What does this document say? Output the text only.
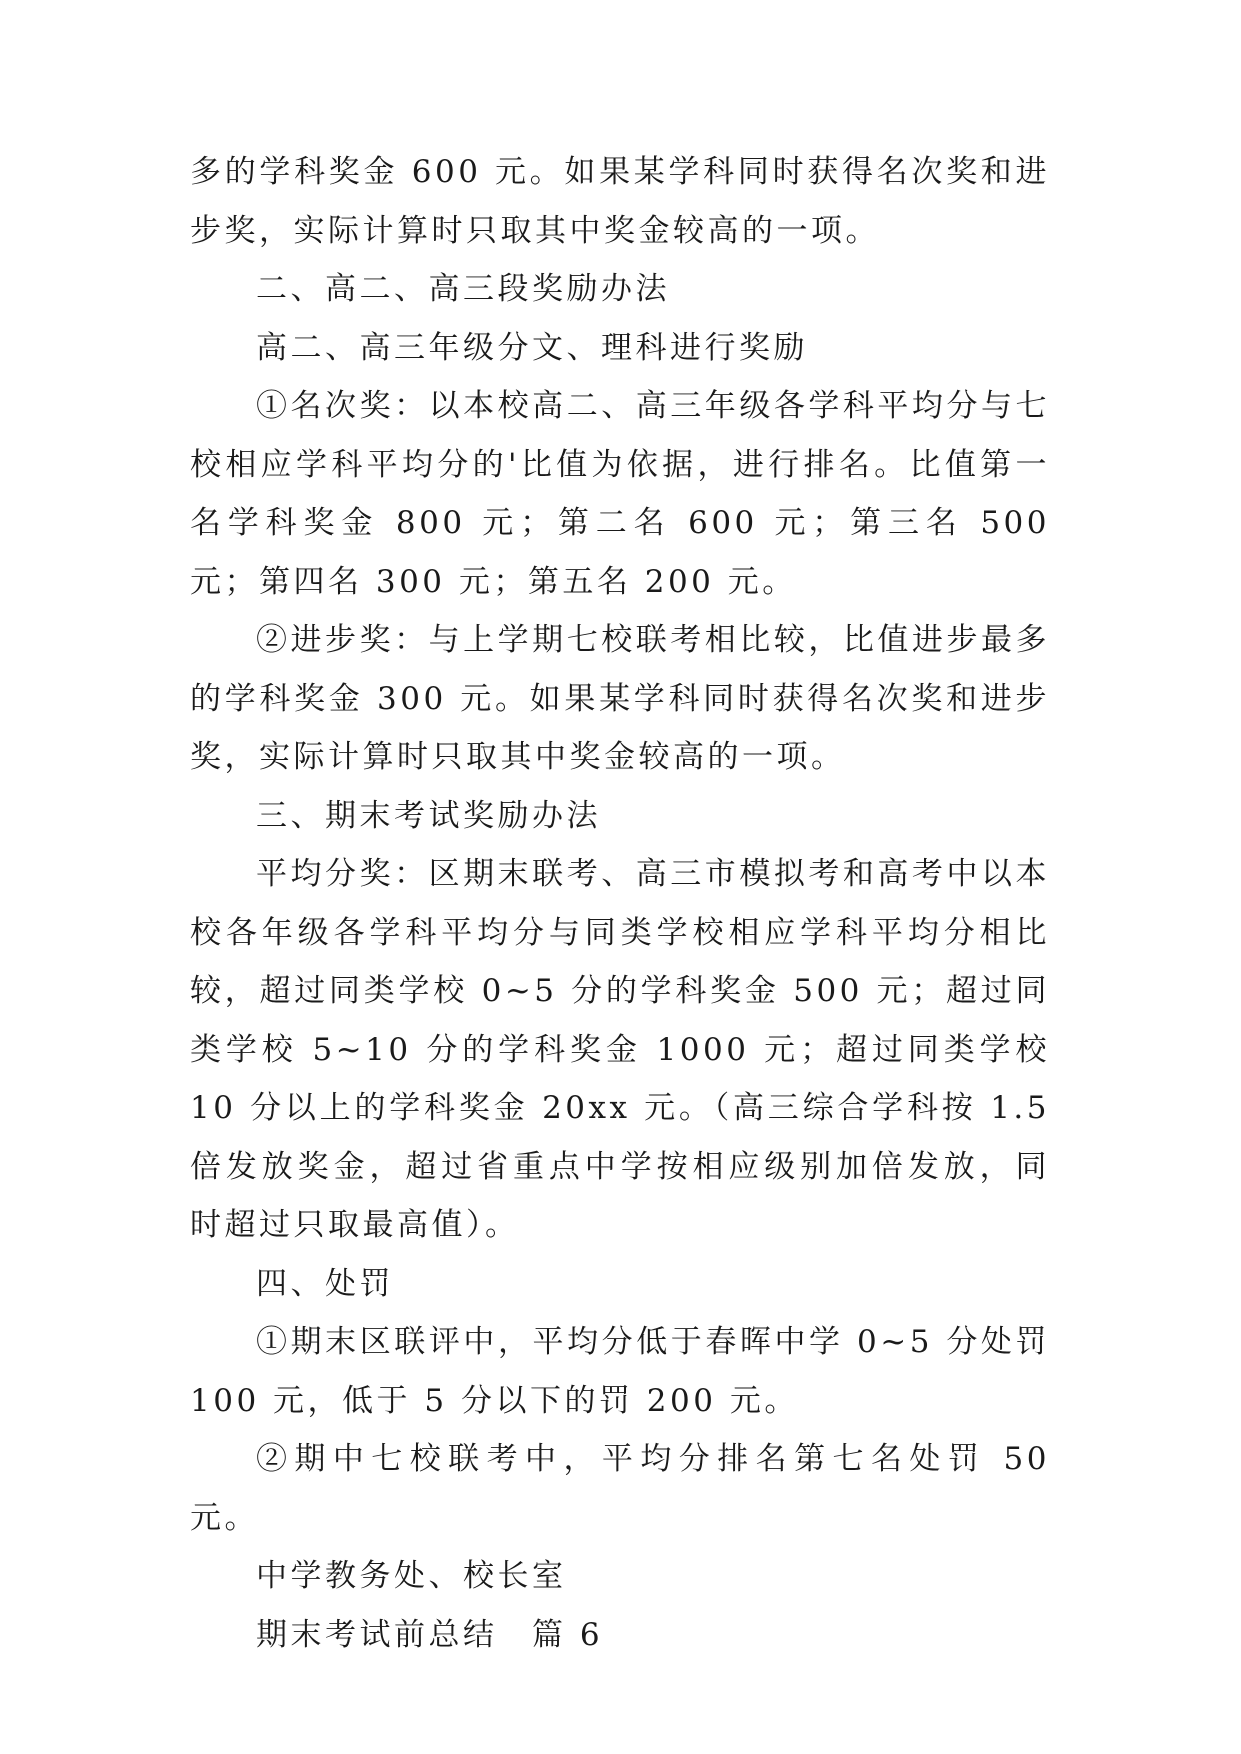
多的学科奖金 600 元。如果某学科同时获得名次奖和进步奖，实际计算时只取其中奖金较高的一项。

二、高二、高三段奖励办法

高二、高三年级分文、理科进行奖励

①名次奖：以本校高二、高三年级各学科平均分与七校相应学科平均分的'比值为依据，进行排名。比值第一名学科奖金 800 元；第二名 600 元；第三名 500 元；第四名 300 元；第五名 200 元。

②进步奖：与上学期七校联考相比较，比值进步最多的学科奖金 300 元。如果某学科同时获得名次奖和进步奖，实际计算时只取其中奖金较高的一项。

三、期末考试奖励办法

平均分奖：区期末联考、高三市模拟考和高考中以本校各年级各学科平均分与同类学校相应学科平均分相比较，超过同类学校 0~5 分的学科奖金 500 元；超过同类学校 5~10 分的学科奖金 1000 元；超过同类学校 10 分以上的学科奖金 20xx 元。（高三综合学科按 1.5 倍发放奖金，超过省重点中学按相应级别加倍发放，同时超过只取最高值）。

四、处罚

①期末区联评中，平均分低于春晖中学 0~5 分处罚 100 元，低于 5 分以下的罚 200 元。

②期中七校联考中，平均分排名第七名处罚 50 元。

中学教务处、校长室

期末考试前总结　篇 6
